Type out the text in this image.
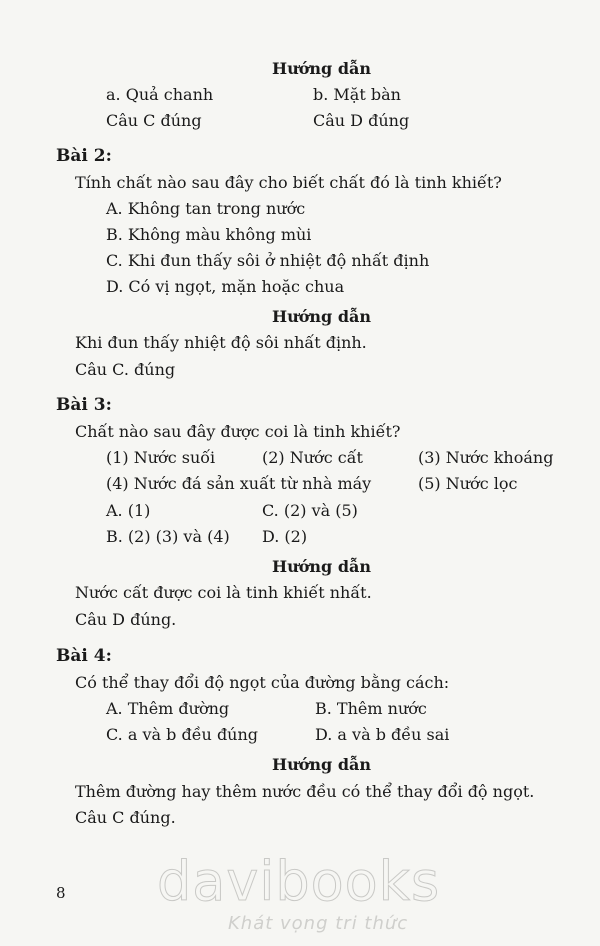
Hướng dẫn
a. Quả chanh	b. Mặt bàn
Câu C đúng	Câu D đúng
Bài 2:
Tính chất nào sau đây cho biết chất đó là tinh khiết?
A. Không tan trong nước
B. Không màu không mùi
C. Khi đun thấy sôi ở nhiệt độ nhất định
D. Có vị ngọt, mặn hoặc chua
Hướng dẫn
Khi đun thấy nhiệt độ sôi nhất định.
Câu C. đúng
Bài 3:
Chất nào sau đây được coi là tinh khiết?
(1) Nước suối	(2) Nước cất	(3) Nước khoáng
(4) Nước đá sản xuất từ nhà máy	(5) Nước lọc
A. (1)	C. (2) và (5)
B. (2) (3) và (4) D. (2)
Hướng dẫn
Nước cất được coi là tinh khiết nhất.
Câu D đúng.
Bài 4:
Có thể thay đổi độ ngọt của đường bằng cách:
A. Thêm đường	B. Thêm nước
C. a và b đều đúng	D. a và b đều sai
Hướng dẫn
Thêm đường hay thêm nước đều có thể thay đổi độ ngọt.
Câu C đúng.
8 davibooks
Khát vọng tri thức
